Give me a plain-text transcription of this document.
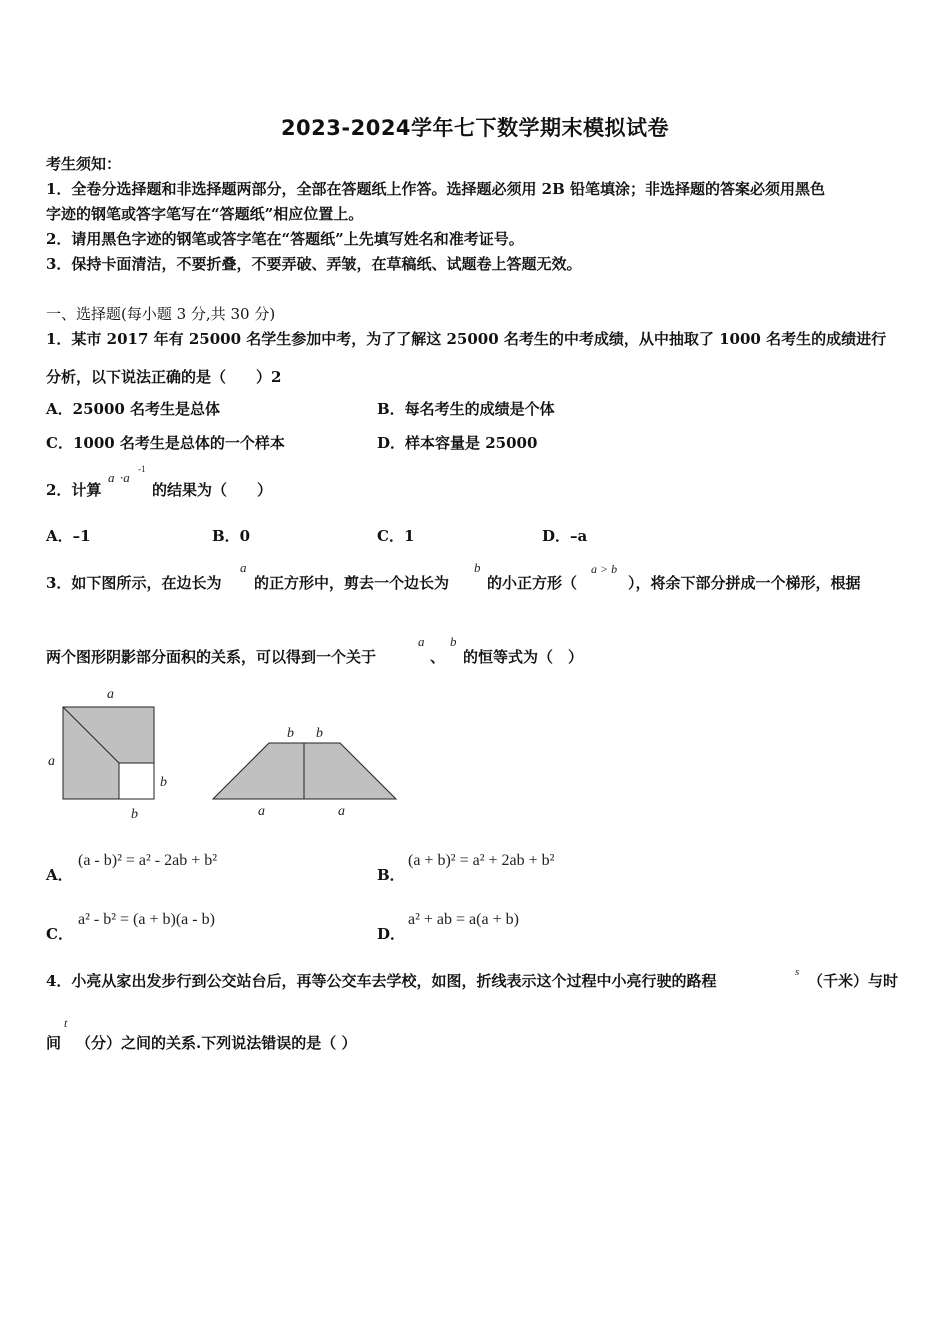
2023-2024学年七下数学期末模拟试卷
考生须知：
1．全卷分选择题和非选择题两部分，全部在答题纸上作答。选择题必须用 2B 铅笔填涂；非选择题的答案必须用黑色
字迹的钢笔或答字笔写在“答题纸”相应位置上。
2．请用黑色字迹的钢笔或答字笔在“答题纸”上先填写姓名和准考证号。
3．保持卡面清洁，不要折叠，不要弄破、弄皱，在草稿纸、试题卷上答题无效。
一、选择题(每小题 3 分,共 30 分)
1．某市 2017 年有 25000 名学生参加中考，为了了解这 25000 名考生的中考成绩，从中抽取了 1000 名考生的成绩进行
分析，以下说法正确的是（　　）2
A．25000 名考生是总体	B．每名考生的成绩是个体
C．1000 名考生是总体的一个样本	D．样本容量是 25000
2．计算
a ·a
-1
的结果为（　　）
A．–1	B．0	C．1	D．–a
3．如下图所示，在边长为
a
的正方形中，剪去一个边长为
b
的小正方形（
a > b
），将余下部分拼成一个梯形，根据
两个图形阴影部分面积的关系，可以得到一个关于
a
、
b
的恒等式为（　）
a
a
b
b
b b
a	a
A．
(a - b)² = a² - 2ab + b²
B．
(a + b)² = a² + 2ab + b²
C．
a² - b² = (a + b)(a - b)
D．
a² + ab = a(a + b)
4．小亮从家出发步行到公交站台后，再等公交车去学校，如图，折线表示这个过程中小亮行驶的路程	s （千米）与时
间
t
（分）之间的关系.下列说法错误的是（ ）
